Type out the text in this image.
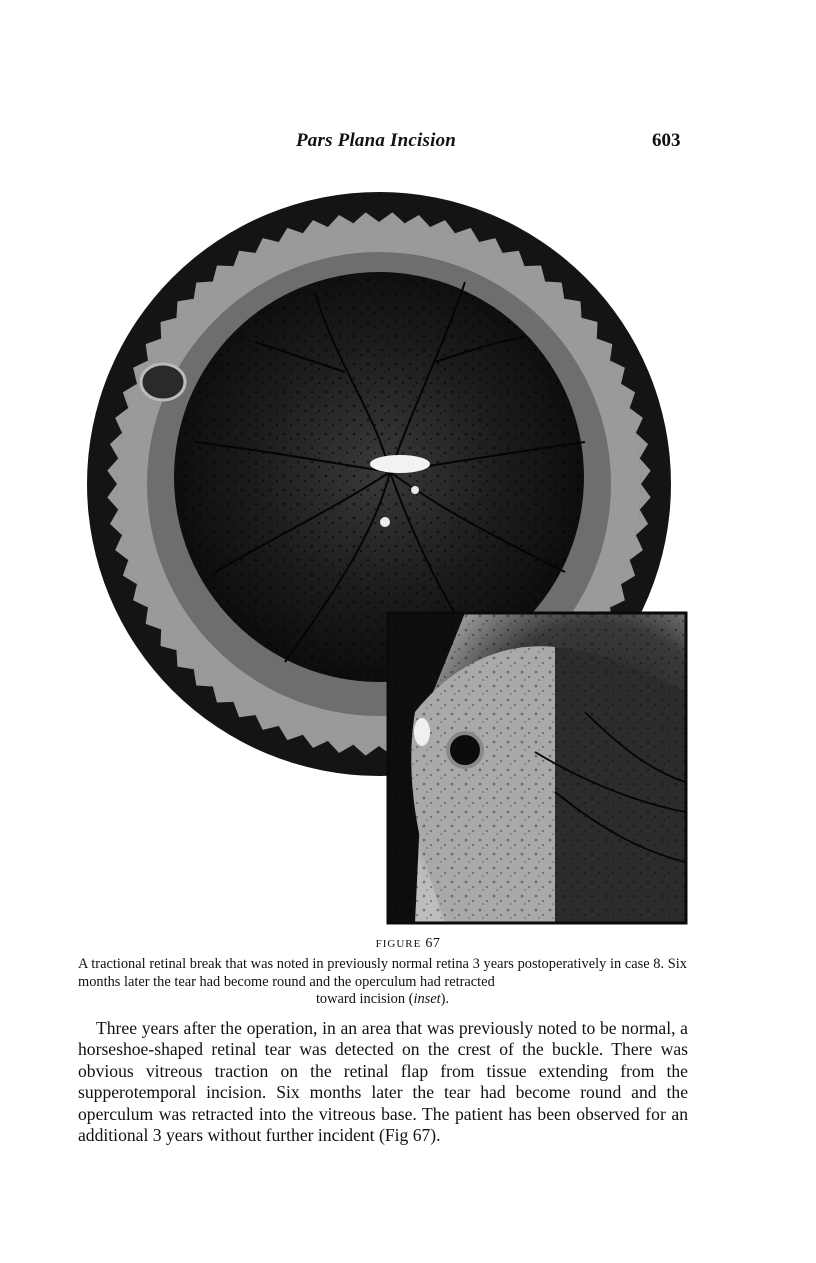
Pars Plana Incision	603
FIGURE 67
A tractional retinal break that was noted in previously normal retina 3 years postoperatively in case 8. Six months later the tear had become round and the operculum had retracted
toward incision (inset).

Three years after the operation, in an area that was previously noted to be normal, a horseshoe-shaped retinal tear was detected on the crest of the buckle. There was obvious vitreous traction on the retinal flap from tissue extending from the supperotemporal incision. Six months later the tear had become round and the operculum was retracted into the vitreous base. The patient has been observed for an additional 3 years without further incident (Fig 67).
